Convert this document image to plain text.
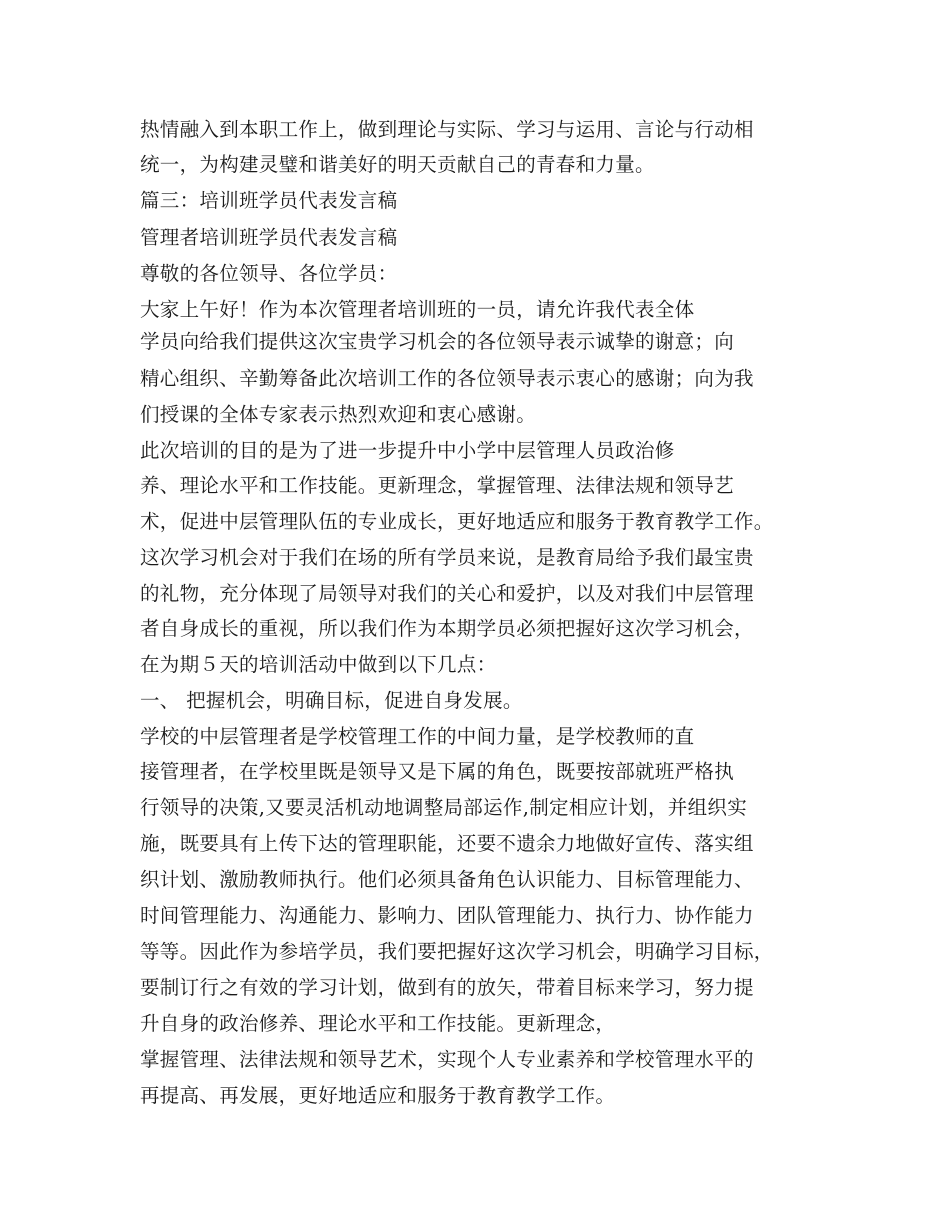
热情融入到本职工作上，做到理论与实际、学习与运用、言论与行动相
统一，为构建灵璧和谐美好的明天贡献自己的青春和力量。
篇三：培训班学员代表发言稿
管理者培训班学员代表发言稿
尊敬的各位领导、各位学员：
大家上午好！作为本次管理者培训班的一员，请允许我代表全体
学员向给我们提供这次宝贵学习机会的各位领导表示诚挚的谢意；向
精心组织、辛勤筹备此次培训工作的各位领导表示衷心的感谢；向为我
们授课的全体专家表示热烈欢迎和衷心感谢。
此次培训的目的是为了进一步提升中小学中层管理人员政治修
养、理论水平和工作技能。更新理念，掌握管理、法律法规和领导艺
术，促进中层管理队伍的专业成长，更好地适应和服务于教育教学工作。
这次学习机会对于我们在场的所有学员来说，是教育局给予我们最宝贵
的礼物，充分体现了局领导对我们的关心和爱护，以及对我们中层管理
者自身成长的重视，所以我们作为本期学员必须把握好这次学习机会，
在为期５天的培训活动中做到以下几点：
一、 把握机会，明确目标，促进自身发展。
学校的中层管理者是学校管理工作的中间力量，是学校教师的直
接管理者，在学校里既是领导又是下属的角色，既要按部就班严格执
行领导的决策,又要灵活机动地调整局部运作,制定相应计划，并组织实
施，既要具有上传下达的管理职能，还要不遗余力地做好宣传、落实组
织计划、激励教师执行。他们必须具备角色认识能力、目标管理能力、
时间管理能力、沟通能力、影响力、团队管理能力、执行力、协作能力
等等。因此作为参培学员，我们要把握好这次学习机会，明确学习目标，
要制订行之有效的学习计划，做到有的放矢，带着目标来学习，努力提
升自身的政治修养、理论水平和工作技能。更新理念，
掌握管理、法律法规和领导艺术，实现个人专业素养和学校管理水平的
再提高、再发展，更好地适应和服务于教育教学工作。
